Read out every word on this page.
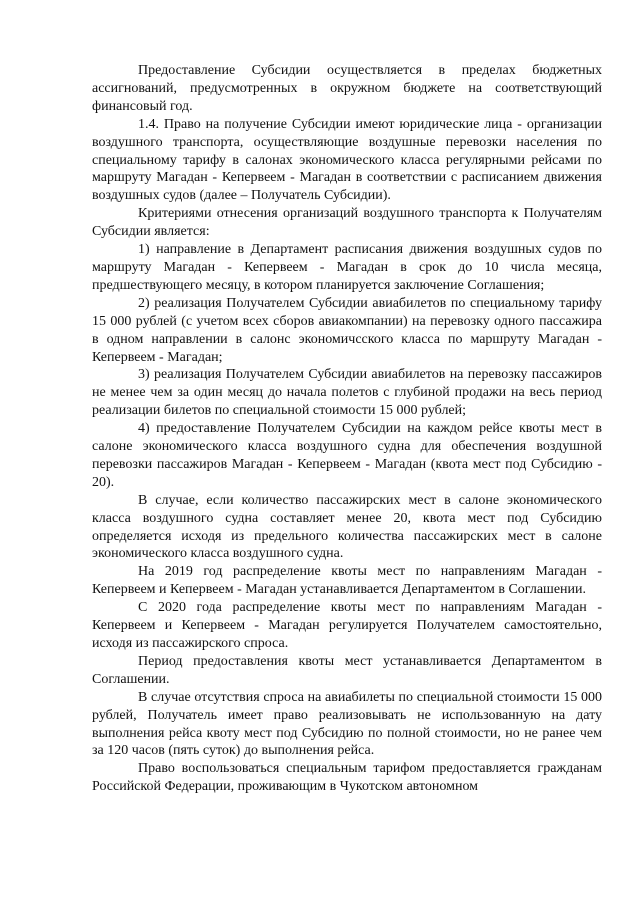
Предоставление Субсидии осуществляется в пределах бюджетных ассигнований, предусмотренных в окружном бюджете на соответствующий финансовый год.

1.4. Право на получение Субсидии имеют юридические лица - организации воздушного транспорта, осуществляющие воздушные перевозки населения по специальному тарифу в салонах экономического класса регулярными рейсами по маршруту Магадан - Кепервеем - Магадан в соответствии с расписанием движения воздушных судов (далее – Получатель Субсидии).

Критериями отнесения организаций воздушного транспорта к Получателям Субсидии является:

1) направление в Департамент расписания движения воздушных судов по маршруту Магадан - Кепервеем - Магадан в срок до 10 числа месяца, предшествующего месяцу, в котором планируется заключение Соглашения;

2) реализация Получателем Субсидии авиабилетов по специальному тарифу 15 000 рублей (с учетом всех сборов авиакомпании) на перевозку одного пассажира в одном направлении в салонс экономичсского класса по маршруту Магадан - Кепервеем - Магадан;

3) реализация Получателем Субсидии авиабилетов на перевозку пассажиров не менее чем за один месяц до начала полетов с глубиной продажи на весь период реализации билетов по специальной стоимости 15 000 рублей;

4) предоставление Получателем Субсидии на каждом рейсе квоты мест в салоне экономического класса воздушного судна для обеспечения воздушной перевозки пассажиров Магадан - Кепервеем - Магадан (квота мест под Субсидию - 20).

В случае, если количество пассажирских мест в салоне экономического класса воздушного судна составляет менее 20, квота мест под Субсидию определяется исходя из предельного количества пассажирских мест в салоне экономического класса воздушного судна.

На 2019 год распределение квоты мест по направлениям Магадан - Кепервеем и Кепервеем - Магадан устанавливается Департаментом в Соглашении.

С 2020 года распределение квоты мест по направлениям Магадан - Кепервеем и Кепервеем - Магадан регулируется Получателем самостоятельно, исходя из пассажирского спроса.

Период предоставления квоты мест устанавливается Департаментом в Соглашении.

В случае отсутствия спроса на авиабилеты по специальной стоимости 15 000 рублей, Получатель имеет право реализовывать не использованную на дату выполнения рейса квоту мест под Субсидию по полной стоимости, но не ранее чем за 120 часов (пять суток) до выполнения рейса.

Право воспользоваться специальным тарифом предоставляется гражданам Российской Федерации, проживающим в Чукотском автономном
